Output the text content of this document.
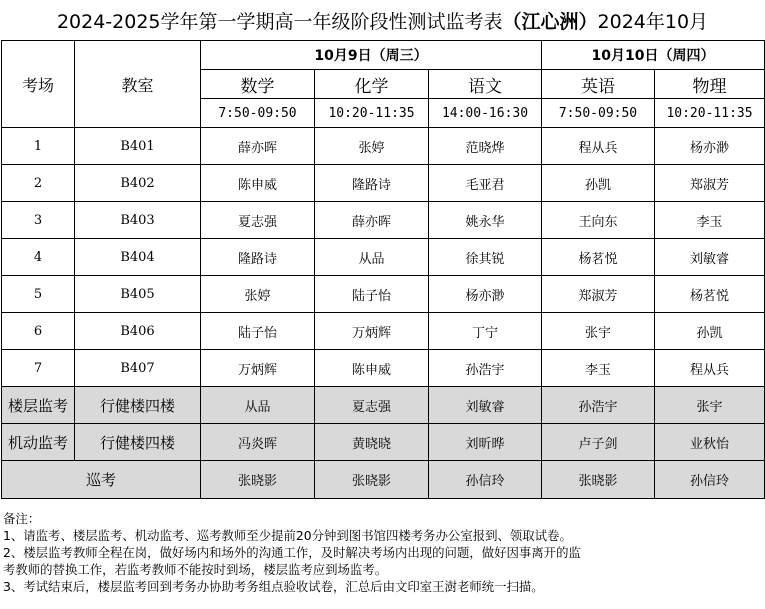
2024-2025学年第一学期高一年级阶段性测试监考表 （江心洲） 2024年10月
考场	教室	10月9日（周三）			10月10日（周四）	
		数学	化学	语文	英语	物理
		7:50-09:50	10:20-11:35	14:00-16:30	7:50-09:50	10:20-11:35
1	B401	薛亦晖	张婷	范晓烨	程从兵	杨亦渺
2	B402	陈申威	隆路诗	毛亚君	孙凯	郑淑芳
3	B403	夏志强	薛亦晖	姚永华	王向东	李玉
4	B404	隆路诗	从品	徐其锐	杨茗悦	刘敏睿
5	B405	张婷	陆子怡	杨亦渺	郑淑芳	杨茗悦
6	B406	陆子怡	万炳辉	丁宁	张宇	孙凯
7	B407	万炳辉	陈申威	孙浩宇	李玉	程从兵
楼层监考	行健楼四楼	从品	夏志强	刘敏睿	孙浩宇	张宇
机动监考	行健楼四楼	冯炎晖	黄晓晓	刘昕晔	卢子剑	业秋怡
巡考		张晓影	张晓影	孙信玲	张晓影	孙信玲
备注：
1、请监考、楼层监考、机动监考、巡考教师至少提前20分钟到图书馆四楼考务办公室报到、领取试卷。
2、楼层监考教师全程在岗，做好场内和场外的沟通工作，及时解决考场内出现的问题，做好因事离开的监
考教师的替换工作，若监考教师不能按时到场，楼层监考应到场监考。
3、考试结束后，楼层监考回到考务办协助考务组点验收试卷，汇总后由文印室王澍老师统一扫描。
